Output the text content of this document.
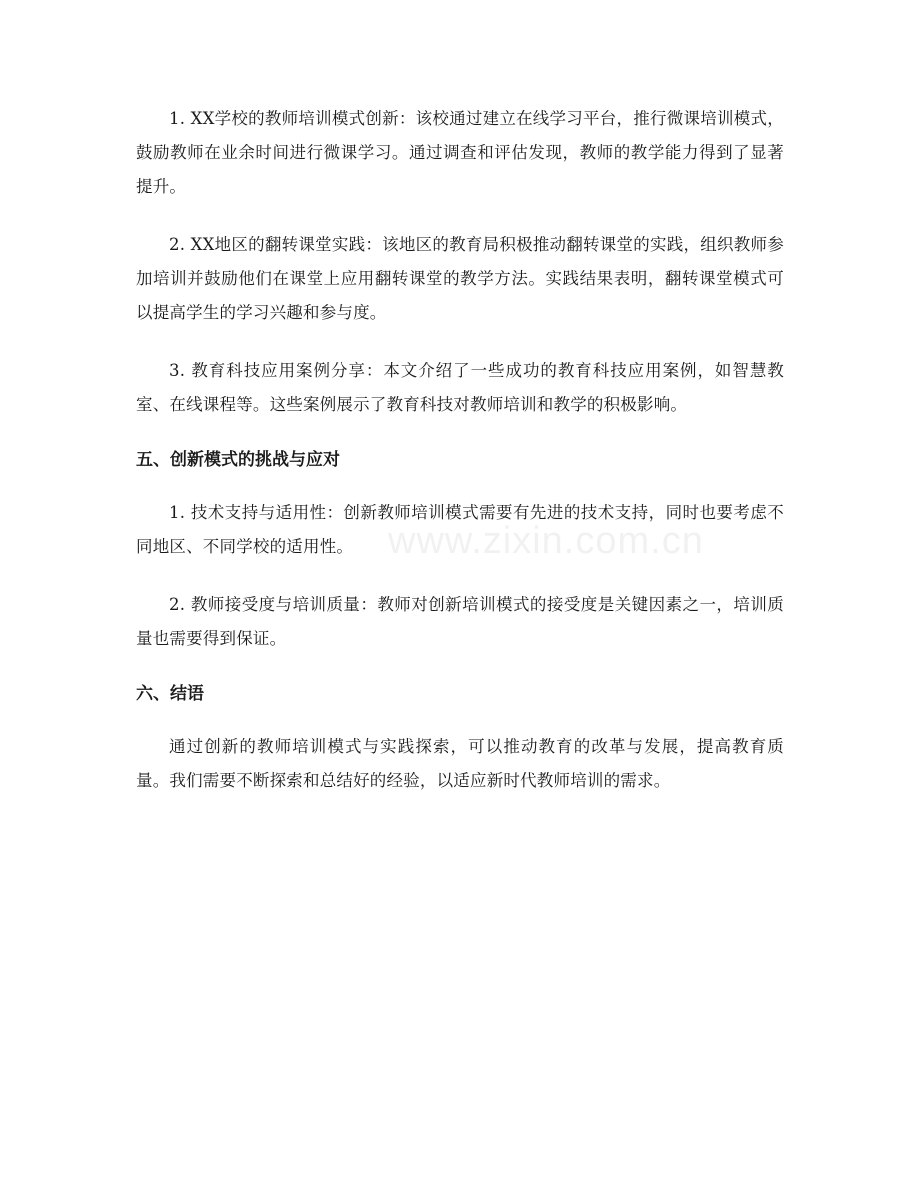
1. XX学校的教师培训模式创新：该校通过建立在线学习平台，推行微课培训模式，鼓励教师在业余时间进行微课学习。通过调查和评估发现，教师的教学能力得到了显著提升。

2. XX地区的翻转课堂实践：该地区的教育局积极推动翻转课堂的实践，组织教师参加培训并鼓励他们在课堂上应用翻转课堂的教学方法。实践结果表明，翻转课堂模式可以提高学生的学习兴趣和参与度。

3. 教育科技应用案例分享：本文介绍了一些成功的教育科技应用案例，如智慧教室、在线课程等。这些案例展示了教育科技对教师培训和教学的积极影响。

五、创新模式的挑战与应对

1. 技术支持与适用性：创新教师培训模式需要有先进的技术支持，同时也要考虑不同地区、不同学校的适用性。

2. 教师接受度与培训质量：教师对创新培训模式的接受度是关键因素之一，培训质量也需要得到保证。

六、结语

通过创新的教师培训模式与实践探索，可以推动教育的改革与发展，提高教育质量。我们需要不断探索和总结好的经验，以适应新时代教师培训的需求。

www.zixin.com.cn
